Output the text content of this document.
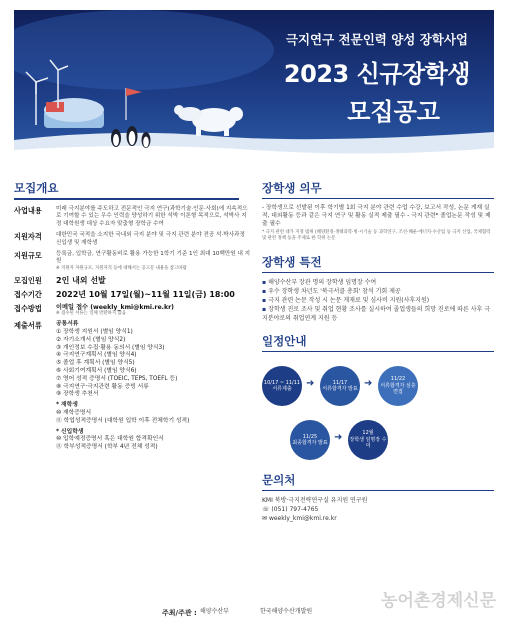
극지연구 전문인력 양성 장학사업
2023 신규장학생
모집공고
모집개요
사업내용	미래 극지분야를 주도하고 전문적인 극지 연구(과학기술·인문·사회)에 지속적으로 기여할 수 있는 우수 인력을 양성하기 위한 석박 이론형 목적으로, 석박사 지정 대학원생 대상 수요자 맞춤형 장학금 수여
지원자격	대한민국 국적을 소지한 국내외 극지 분야 및 극지 관련 분야 전공 석·박사과정 신입생 및 재학생
지원규모	등록금, 입학금, 연구활동비로 활용 가능한 1학기 기준 1인 최대 10백만원 내 지원
※ 지원자 자원규모, 지원자격 등에 대해서는 공고문 내용을 참고바람
모집인원	2인 내외 선발
접수기간	2022년 10월 17일(월)~11월 11일(금) 18:00
접수방법	이메일 접수 (weekly_kmi@kmi.re.kr)
※ 접수된 서류는 일체 반환하지 않음
제출서류	공통서류
① 장학생 지원서 (별임 양식1)
② 자기소개서 (별임 양식2)
③ 개인정보 수집·활용 동의서 (별임 양식3)
④ 극지연구계획서 (별임 양식4)
⑤ 졸업 후 계획서 (별임 양식5)
⑥ 사회기여계획서 (별임 양식6)
⑦ 영어 성적 증명서 (TOEIC, TEPS, TOEFL 등)
⑧ 극지연구·극지관련 활동 증빙 서류
⑨ 장학생 추천서
* 재학생
⑩ 재학증명서
⑪ 학업성적증명서 (대학원 입학 이후 전체학기 성적)
* 신입학생
⑩ 입학예정증명서 혹은 대학원 합격확인서
⑪ 학부성적증명서 (학부 4년 전체 성적)
장학생 의무
- 장학생으로 선발된 이후 학기별 1회 극지 분야 관련 수업 수강, 보고서 작성, 논문 게재 실적, 대외활동 등과 같은 극지 연구 및 활동 실적 제출 필수 - 극지 관련* 졸업논문 작성 및 제출 필수
* 극지 관련 대가 지정 범위 (해양환경·생태과학·빙·시기술 등 과학연구, 조선·해운·에너지·수산업 등 극지 산업, 국제협력 및 관련 정책 등을 주제로 한 학위 논문
장학생 특전
▪ 해양수산부 장관 명의 장학생 임명장 수여
▪ 우수 장학생 차년도 '북극서클 총회' 참석 기회 제공
▪ 극지 관련 논문 작성 시 논문 게재료 및 심사비 지원(사후지원)
▪ 장학생 진로 조사 및 취업 현황 조사를 실시하여 졸업생들의 희망 진로에 따른 사후 극지분야로의 취업연계 지원 등
일정안내
10/17 ~ 11/11
서류제출	➜	11/17
서류합격자 발표 ➜	11/22
서류합격자 심층면접
11/25
최종합격자 발표 ➜	12월
장학생 임명장 수여
문의처
KMI 북방·극지전략연구실 유지원 연구원
☏ (051) 797-4765
✉ weekly_kmi@kmi.re.kr
주최/주관 : 해양수산부	한국해양수산개발원
농어촌경제신문
